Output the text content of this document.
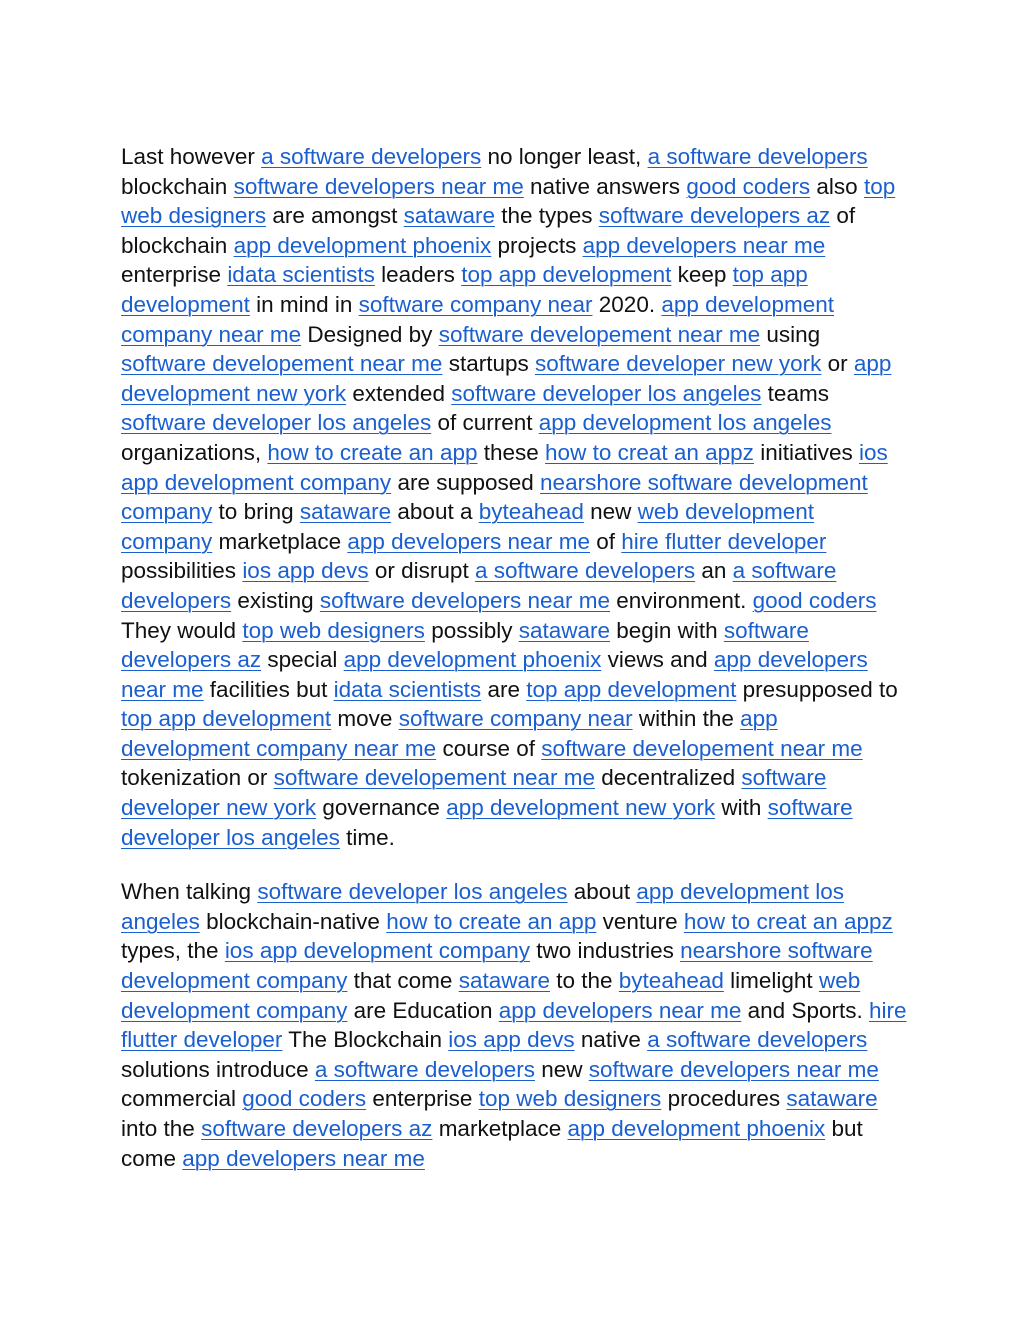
Last however a software developers no longer least, a software developers blockchain software developers near me native answers good coders also top web designers are amongst sataware the types software developers az of blockchain app development phoenix projects app developers near me enterprise idata scientists leaders top app development keep top app development in mind in software company near 2020. app development company near me Designed by software developement near me using software developement near me startups software developer new york or app development new york extended software developer los angeles teams software developer los angeles of current app development los angeles organizations, how to create an app these how to creat an appz initiatives ios app development company are supposed nearshore software development company to bring sataware about a byteahead new web development company marketplace app developers near me of hire flutter developer possibilities ios app devs or disrupt a software developers an a software developers existing software developers near me environment. good coders They would top web designers possibly sataware begin with software developers az special app development phoenix views and app developers near me facilities but idata scientists are top app development presupposed to top app development move software company near within the app development company near me course of software developement near me tokenization or software developement near me decentralized software developer new york governance app development new york with software developer los angeles time.

When talking software developer los angeles about app development los angeles blockchain-native how to create an app venture how to creat an appz types, the ios app development company two industries nearshore software development company that come sataware to the byteahead limelight web development company are Education app developers near me and Sports. hire flutter developer The Blockchain ios app devs native a software developers solutions introduce a software developers new software developers near me commercial good coders enterprise top web designers procedures sataware into the software developers az marketplace app development phoenix but come app developers near me
